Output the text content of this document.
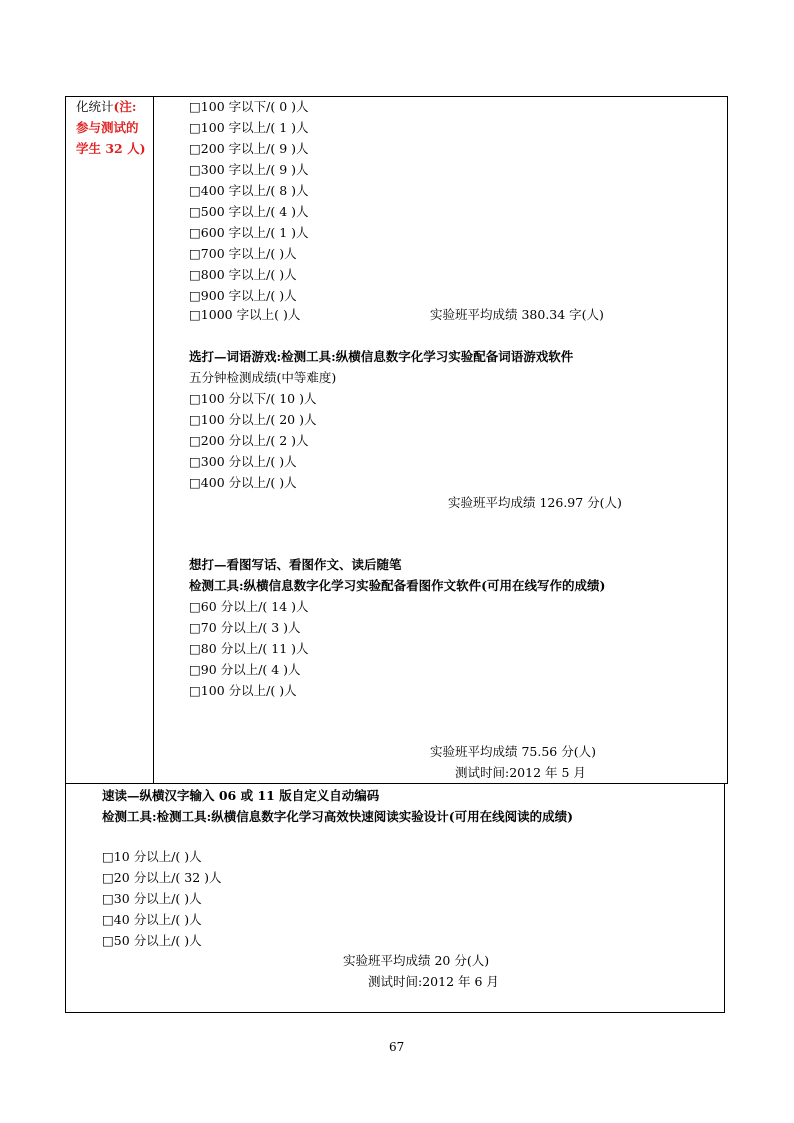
化统计(注:
参与测试的
学生 32 人)
□100 字以下/( 0 )人
□100 字以上/( 1 )人
□200 字以上/( 9 )人
□300 字以上/( 9 )人
□400 字以上/( 8 )人
□500 字以上/( 4 )人
□600 字以上/( 1 )人
□700 字以上/( )人
□800 字以上/( )人
□900 字以上/( )人
□1000 字以上( )人	实验班平均成绩 380.34 字(人)
选打—词语游戏:检测工具:纵横信息数字化学习实验配备词语游戏软件
五分钟检测成绩(中等难度)
□100 分以下/( 10 )人
□100 分以上/( 20 )人
□200 分以上/( 2 )人
□300 分以上/( )人
□400 分以上/( )人
实验班平均成绩 126.97 分(人)
想打—看图写话、看图作文、读后随笔
检测工具:纵横信息数字化学习实验配备看图作文软件(可用在线写作的成绩)
□60 分以上/( 14 )人
□70 分以上/( 3 )人
□80 分以上/( 11 )人
□90 分以上/( 4 )人
□100 分以上/( )人
实验班平均成绩 75.56 分(人)
测试时间:2012 年 5 月
速读—纵横汉字输入 06 或 11 版自定义自动编码
检测工具:检测工具:纵横信息数字化学习高效快速阅读实验设计(可用在线阅读的成绩)
□10 分以上/( )人
□20 分以上/( 32 )人
□30 分以上/( )人
□40 分以上/( )人
□50 分以上/( )人
实验班平均成绩 20 分(人)
测试时间:2012 年 6 月
67
